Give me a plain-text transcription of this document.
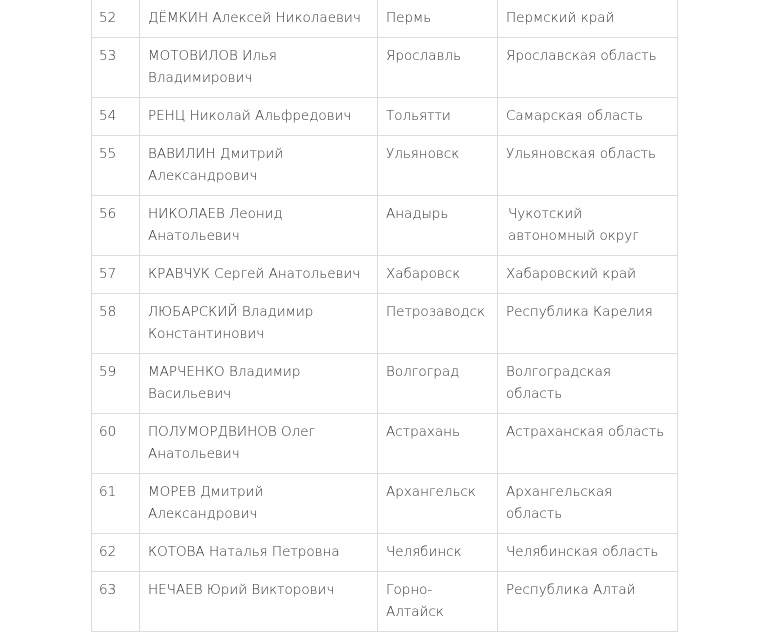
52	ДЁМКИН Алексей Николаевич	Пермь	Пермский край
53	МОТОВИЛОВ Илья Владимирович	Ярославль	Ярославская область
54	РЕНЦ Николай Альфредович	Тольятти	Самарская область
55	ВАВИЛИН Дмитрий Александрович	Ульяновск	Ульяновская область
56	НИКОЛАЕВ Леонид Анатольевич	Анадырь	Чукотский автономный округ
57	КРАВЧУК Сергей Анатольевич	Хабаровск	Хабаровский край
58	ЛЮБАРСКИЙ Владимир Константинович	Петрозаводск	Республика Карелия
59	МАРЧЕНКО Владимир Васильевич	Волгоград	Волгоградская область
60	ПОЛУМОРДВИНОВ Олег Анатольевич	Астрахань	Астраханская область
61	МОРЕВ Дмитрий Александрович	Архангельск	Архангельская область
62	КОТОВА Наталья Петровна	Челябинск	Челябинская область
63	НЕЧАЕВ Юрий Викторович	Горно-Алтайск	Республика Алтай
